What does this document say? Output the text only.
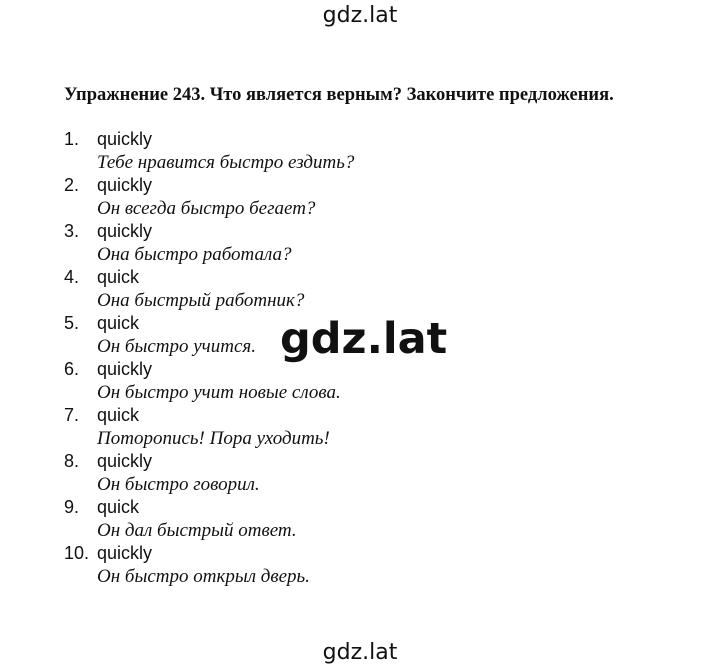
gdz.lat
Упражнение 243. Что является верным? Закончите предложения.
1. quickly
Тебе нравится быстро ездить?
2. quickly
Он всегда быстро бегает?
3. quickly
Она быстро работала?
4. quick
Она быстрый работник?
5. quick
Он быстро учится.
6. quickly
Он быстро учит новые слова.
7. quick
Поторопись! Пора уходить!
8. quickly
Он быстро говорил.
9. quick
Он дал быстрый ответ.
10. quickly
Он быстро открыл дверь.
gdz.lat
gdz.lat
